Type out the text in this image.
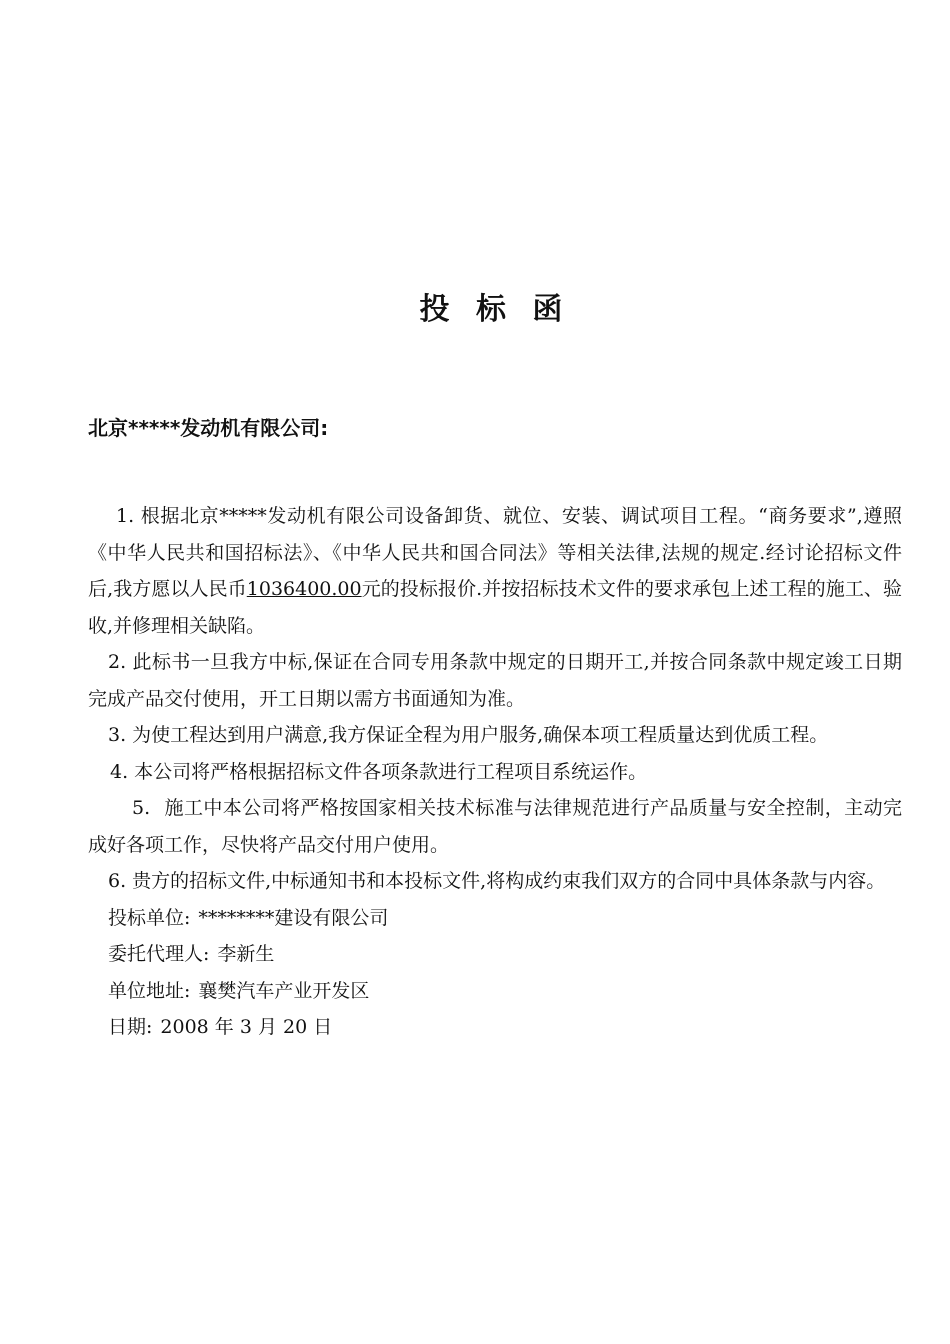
投 标 函

北京*****发动机有限公司:

1. 根据北京*****发动机有限公司设备卸货、就位、安装、调试项目工程。“商务要求”,遵照《中华人民共和国招标法》、《中华人民共和国合同法》等相关法律,法规的规定.经讨论招标文件后,我方愿以人民币1036400.00元的投标报价.并按招标技术文件的要求承包上述工程的施工、验收,并修理相关缺陷。

2. 此标书一旦我方中标,保证在合同专用条款中规定的日期开工,并按合同条款中规定竣工日期完成产品交付使用，开工日期以需方书面通知为准。

3. 为使工程达到用户满意,我方保证全程为用户服务,确保本项工程质量达到优质工程。

4. 本公司将严格根据招标文件各项条款进行工程项目系统运作。

5. 施工中本公司将严格按国家相关技术标准与法律规范进行产品质量与安全控制，主动完成好各项工作，尽快将产品交付用户使用。

6. 贵方的招标文件,中标通知书和本投标文件,将构成约束我们双方的合同中具体条款与内容。

投标单位: ********建设有限公司

委托代理人: 李新生

单位地址: 襄樊汽车产业开发区

日期: 2008 年 3 月 20 日
